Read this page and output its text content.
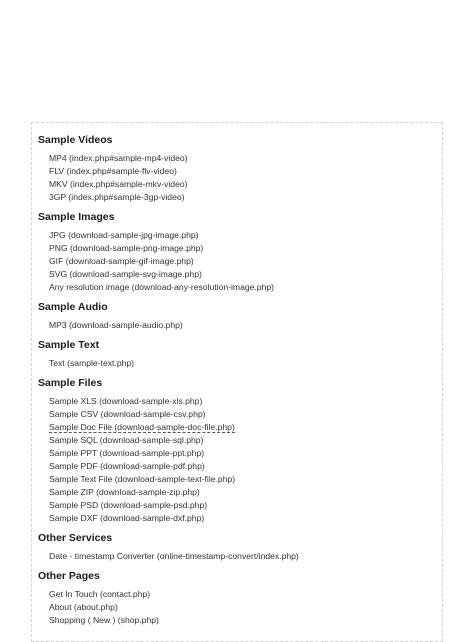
Sample Videos
MP4 (index.php#sample-mp4-video)
FLV (index.php#sample-flv-video)
MKV (index.php#sample-mkv-video)
3GP (index.php#sample-3gp-video)
Sample Images
JPG (download-sample-jpg-image.php)
PNG (download-sample-png-image.php)
GIF (download-sample-gif-image.php)
SVG (download-sample-svg-image.php)
Any resolution image (download-any-resolution-image.php)
Sample Audio
MP3 (download-sample-audio.php)
Sample Text
Text (sample-text.php)
Sample Files
Sample XLS (download-sample-xls.php)
Sample CSV (download-sample-csv.php)
Sample Doc File (download-sample-doc-file.php)
Sample SQL (download-sample-sql.php)
Sample PPT (download-sample-ppt.php)
Sample PDF (download-sample-pdf.php)
Sample Text File (download-sample-text-file.php)
Sample ZIP (download-sample-zip.php)
Sample PSD (download-sample-psd.php)
Sample DXF (download-sample-dxf.php)
Other Services
Date - timestamp Converter (online-timestamp-convert/index.php)
Other Pages
Get In Touch (contact.php)
About (about.php)
Shopping ( New ) (shop.php)
